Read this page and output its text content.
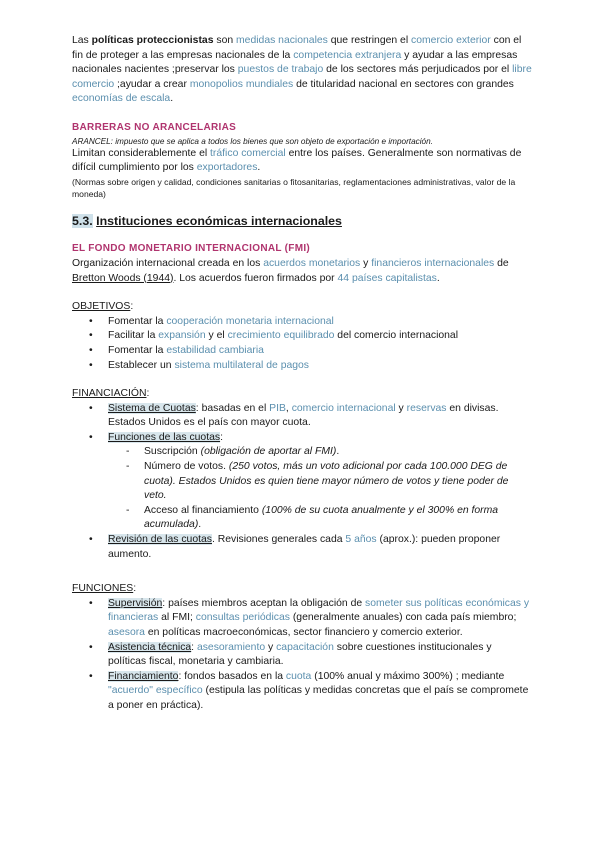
Las políticas proteccionistas son medidas nacionales que restringen el comercio exterior con el fin de proteger a las empresas nacionales de la competencia extranjera y ayudar a las empresas nacionales nacientes ;preservar los puestos de trabajo de los sectores más perjudicados por el libre comercio ;ayudar a crear monopolios mundiales de titularidad nacional en sectores con grandes economías de escala.

BARRERAS NO ARANCELARIAS

ARANCEL: impuesto que se aplica a todos los bienes que son objeto de exportación e importación.

Limitan considerablemente el tráfico comercial entre los países. Generalmente son normativas de difícil cumplimiento por los exportadores.

(Normas sobre origen y calidad, condiciones sanitarias o fitosanitarias, reglamentaciones administrativas, valor de la moneda)

5.3. Instituciones económicas internacionales

EL FONDO MONETARIO INTERNACIONAL (FMI)

Organización internacional creada en los acuerdos monetarios y financieros internacionales de Bretton Woods (1944). Los acuerdos fueron firmados por 44 países capitalistas.

OBJETIVOS:

• Fomentar la cooperación monetaria internacional
• Facilitar la expansión y el crecimiento equilibrado del comercio internacional
• Fomentar la estabilidad cambiaria
• Establecer un sistema multilateral de pagos

FINANCIACIÓN:

• Sistema de Cuotas: basadas en el PIB, comercio internacional y reservas en divisas. Estados Unidos es el país con mayor cuota.
• Funciones de las cuotas:
- Suscripción (obligación de aportar al FMI).
- Número de votos. (250 votos, más un voto adicional por cada 100.000 DEG de cuota). Estados Unidos es quien tiene mayor número de votos y tiene poder de veto.
- Acceso al financiamiento (100% de su cuota anualmente y el 300% en forma acumulada).
• Revisión de las cuotas. Revisiones generales cada 5 años (aprox.): pueden proponer aumento.

FUNCIONES:

• Supervisión: países miembros aceptan la obligación de someter sus políticas económicas y financieras al FMI; consultas periódicas (generalmente anuales) con cada país miembro; asesora en políticas macroeconómicas, sector financiero y comercio exterior.
• Asistencia técnica: asesoramiento y capacitación sobre cuestiones institucionales y políticas fiscal, monetaria y cambiaria.
• Financiamiento: fondos basados en la cuota (100% anual y máximo 300%) ; mediante "acuerdo" específico (estipula las políticas y medidas concretas que el país se compromete a poner en práctica).
